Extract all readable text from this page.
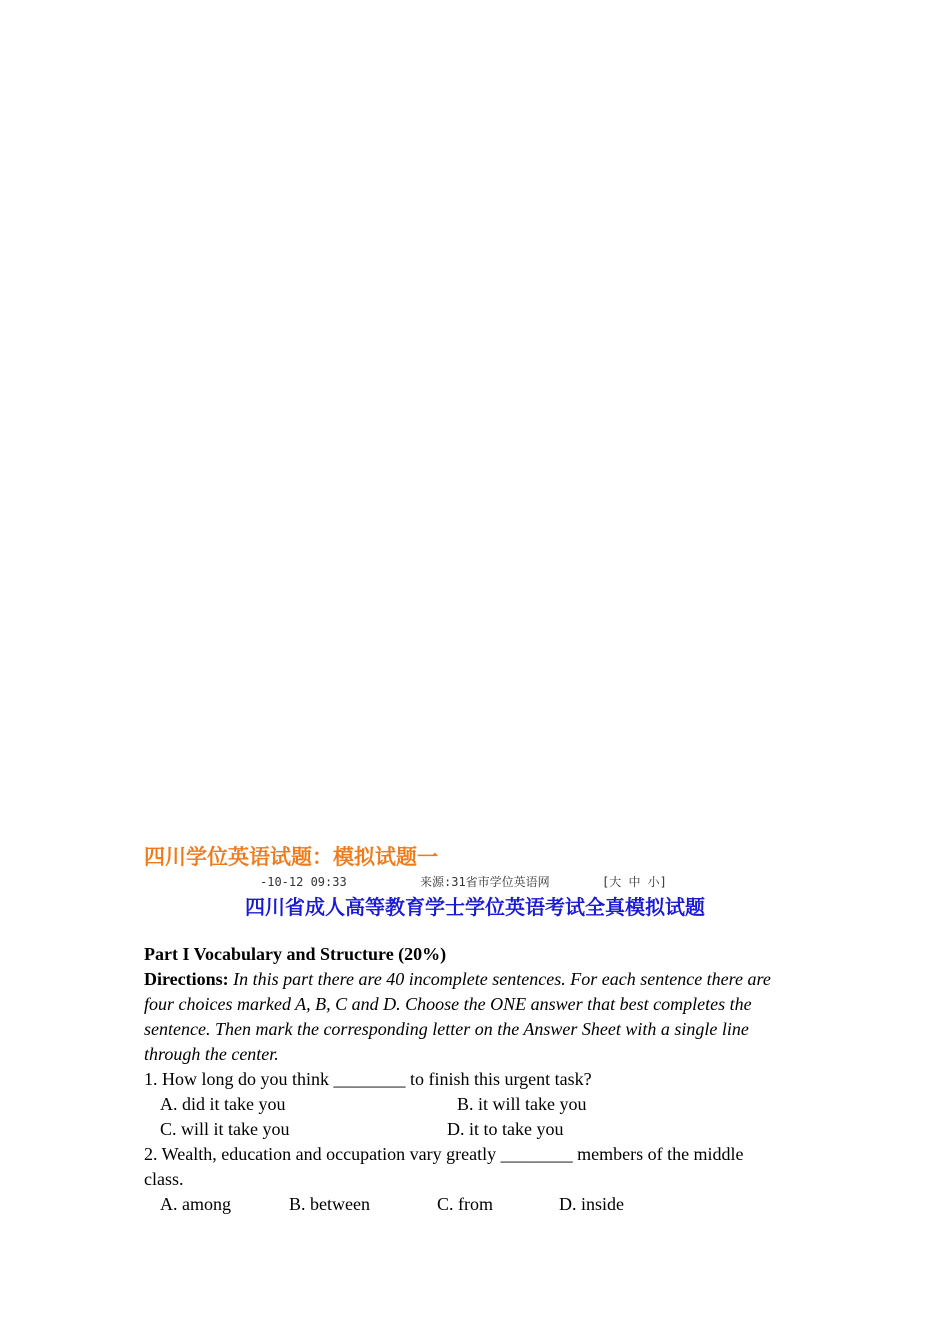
四川学位英语试题：模拟试题一
-10-12 09:33	来源:31省市学位英语网	[大 中 小]
四川省成人高等教育学士学位英语考试全真模拟试题

Part I Vocabulary and Structure (20%)

Directions: In this part there are 40 incomplete sentences. For each sentence there are four choices marked A, B, C and D. Choose the ONE answer that best completes the sentence. Then mark the corresponding letter on the Answer Sheet with a single line through the center.

1. How long do you think ________ to finish this urgent task?

A. did it take you	B. it will take you
C. will it take you	D. it to take you

2. Wealth, education and occupation vary greatly ________ members of the middle
class.

A. among	B. between	C. from	D. inside
